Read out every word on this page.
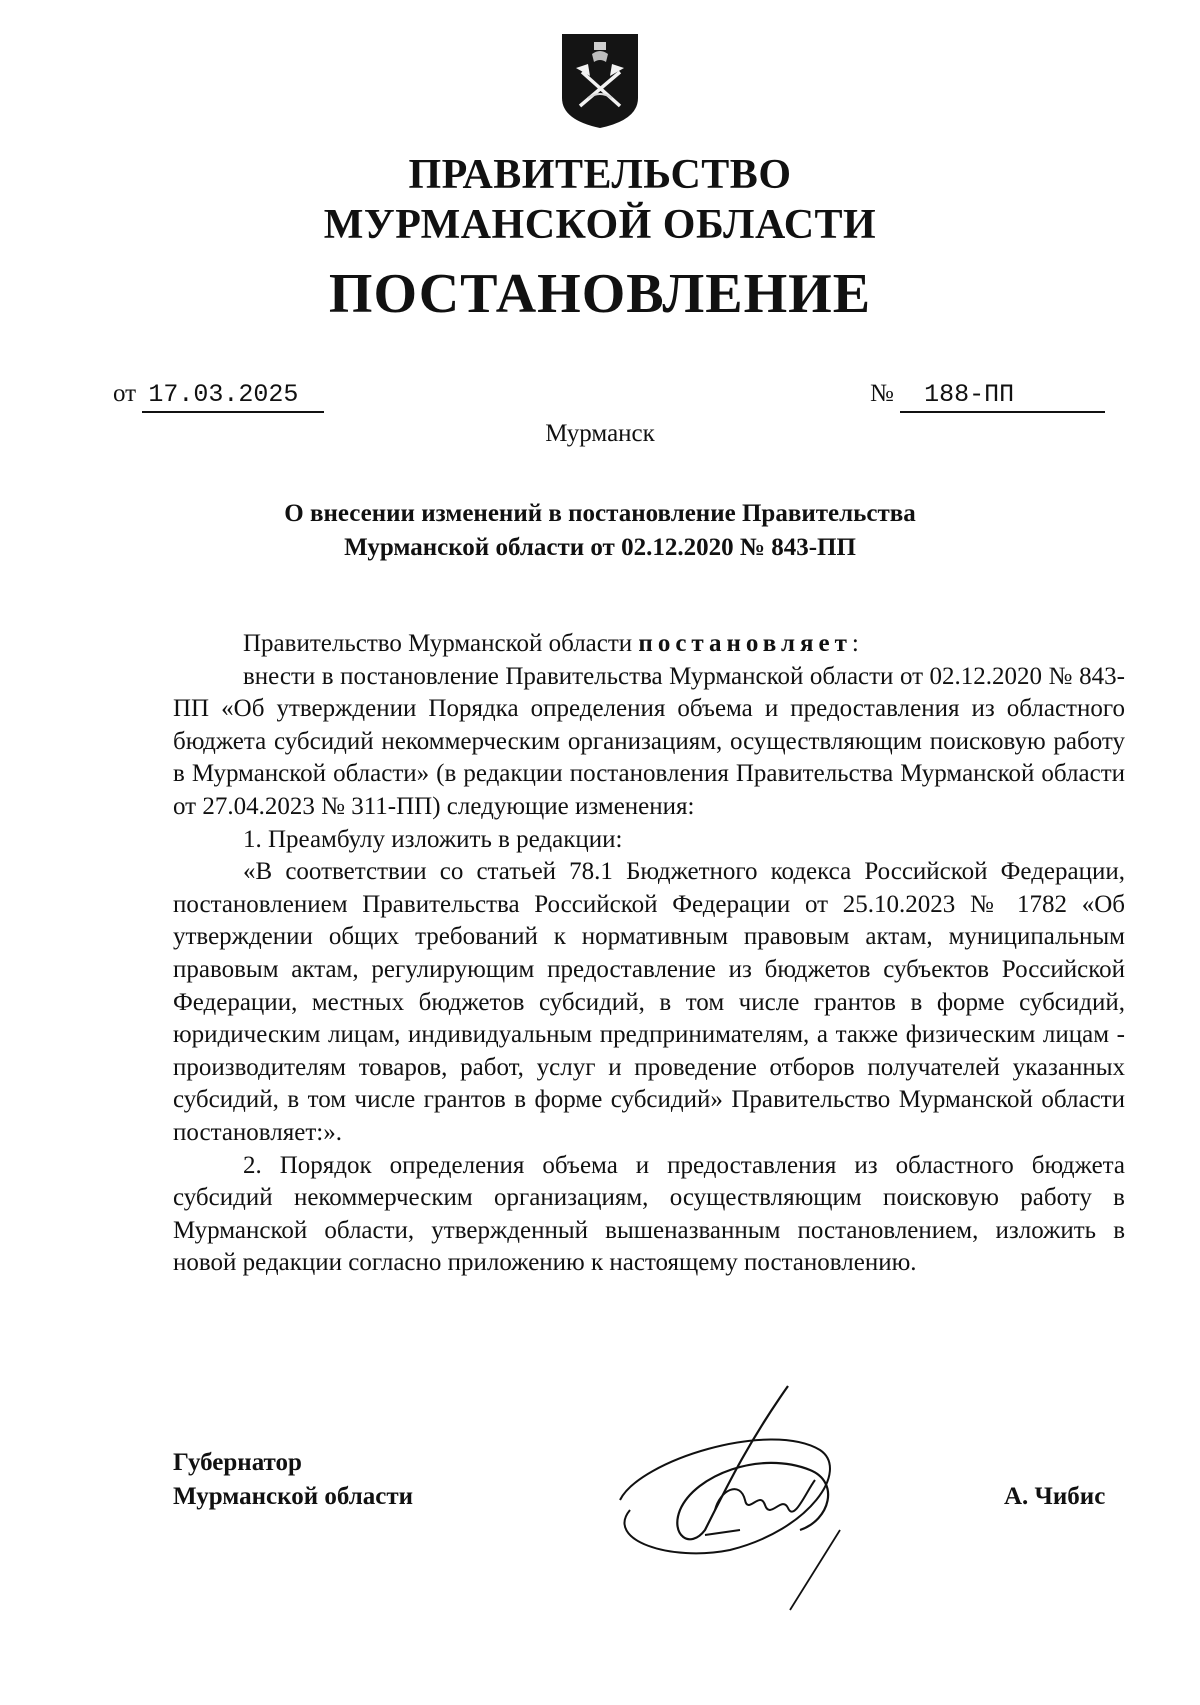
ПРАВИТЕЛЬСТВО
МУРМАНСКОЙ ОБЛАСТИ
ПОСТАНОВЛЕНИЕ
от 17.03.2025	№ 188-ПП
Мурманск
О внесении изменений в постановление Правительства
Мурманской области от 02.12.2020 № 843-ПП

Правительство Мурманской области постановляет:

внести в постановление Правительства Мурманской области от 02.12.2020 № 843-ПП «Об утверждении Порядка определения объема и предоставления из областного бюджета субсидий некоммерческим организациям, осуществляющим поисковую работу в Мурманской области» (в редакции постановления Правительства Мурманской области от 27.04.2023 № 311-ПП) следующие изменения:

1. Преамбулу изложить в редакции:

«В соответствии со статьей 78.1 Бюджетного кодекса Российской Федерации, постановлением Правительства Российской Федерации от 25.10.2023 № 1782 «Об утверждении общих требований к нормативным правовым актам, муниципальным правовым актам, регулирующим предоставление из бюджетов субъектов Российской Федерации, местных бюджетов субсидий, в том числе грантов в форме субсидий, юридическим лицам, индивидуальным предпринимателям, а также физическим лицам - производителям товаров, работ, услуг и проведение отборов получателей указанных субсидий, в том числе грантов в форме субсидий» Правительство Мурманской области постановляет:».

2. Порядок определения объема и предоставления из областного бюджета субсидий некоммерческим организациям, осуществляющим поисковую работу в Мурманской области, утвержденный вышеназванным постановлением, изложить в новой редакции согласно приложению к настоящему постановлению.

Губернатор
Мурманской области	А. Чибис
